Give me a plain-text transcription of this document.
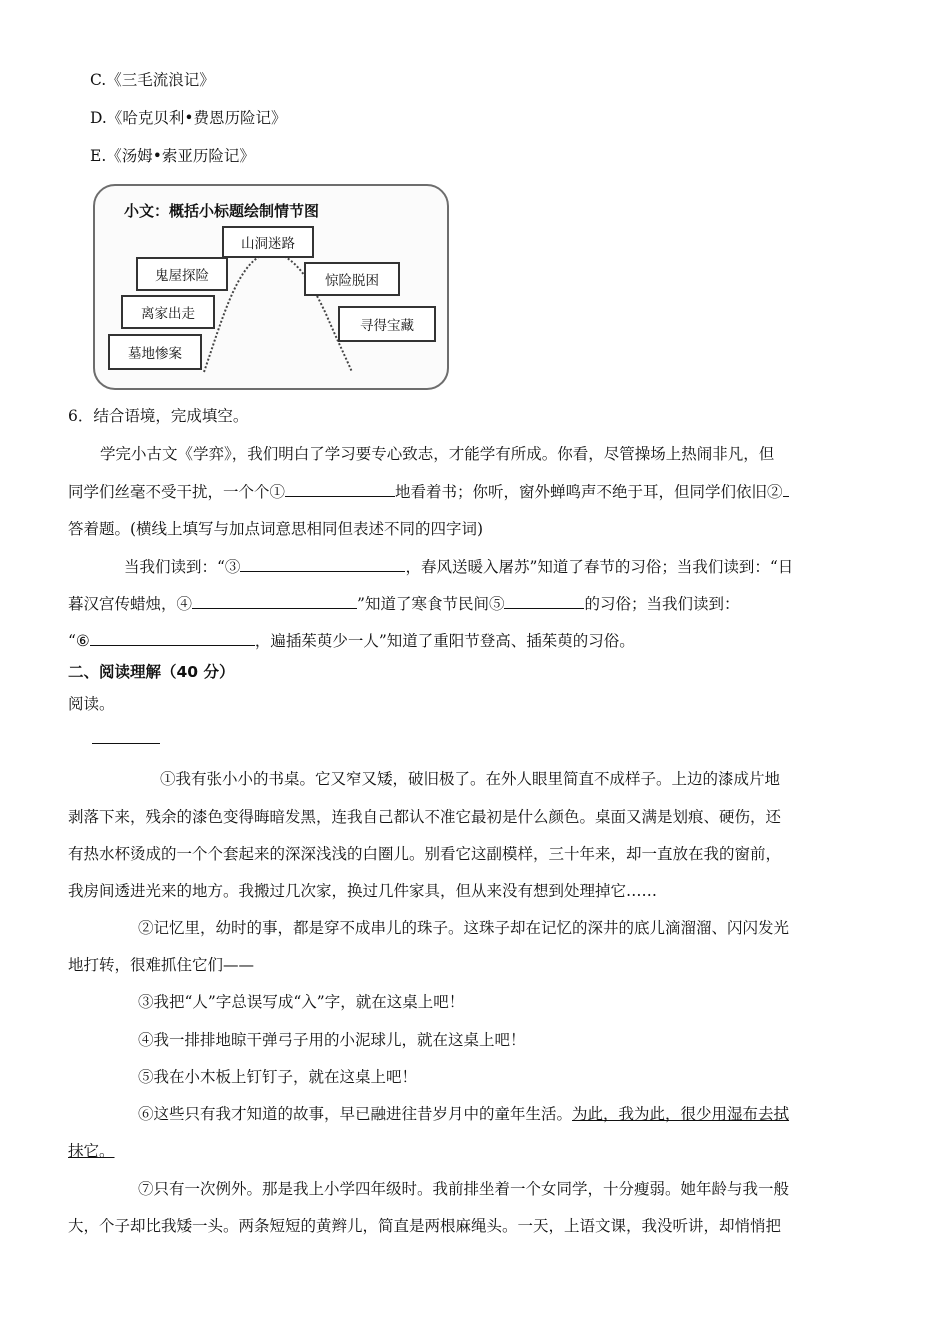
C.《三毛流浪记》
D.《哈克贝利•费恩历险记》
E.《汤姆•索亚历险记》
小文：概括小标题绘制情节图
山洞迷路
鬼屋探险	惊险脱困
离家出走
寻得宝藏
墓地惨案
6．结合语境，完成填空。
学完小古文《学弈》，我们明白了学习要专心致志，才能学有所成。你看，尽管操场上热闹非凡，但
同学们丝毫不受干扰，一个个①	地看着书；你听，窗外蝉鸣声不绝于耳，但同学们依旧②
答着题。(横线上填写与加点词意思相同但表述不同的四字词)
当我们读到：“③	，春风送暖入屠苏”知道了春节的习俗；当我们读到：“日
暮汉宫传蜡烛，④	”知道了寒食节民间⑤	的习俗；当我们读到：
“⑥	，遍插茱萸少一人”知道了重阳节登高、插茱萸的习俗。
二、阅读理解（40 分）
阅读。
①我有张小小的书桌。它又窄又矮，破旧极了。在外人眼里简直不成样子。上边的漆成片地
剥落下来，残余的漆色变得晦暗发黑，连我自己都认不准它最初是什么颜色。桌面又满是划痕、硬伤，还
有热水杯烫成的一个个套起来的深深浅浅的白圈儿。别看它这副模样，三十年来，却一直放在我的窗前，
我房间透进光来的地方。我搬过几次家，换过几件家具，但从来没有想到处理掉它……
②记忆里，幼时的事，都是穿不成串儿的珠子。这珠子却在记忆的深井的底儿滴溜溜、闪闪发光
地打转，很难抓住它们——
③我把“人”字总误写成“入”字，就在这桌上吧！
④我一排排地晾干弹弓子用的小泥球儿，就在这桌上吧！
⑤我在小木板上钉钉子，就在这桌上吧！
⑥这些只有我才知道的故事，早已融进往昔岁月中的童年生活。为此，我为此，很少用湿布去拭
抹它。
⑦只有一次例外。那是我上小学四年级时。我前排坐着一个女同学，十分瘦弱。她年龄与我一般
大，个子却比我矮一头。两条短短的黄辫儿，简直是两根麻绳头。一天，上语文课，我没听讲，却悄悄把
